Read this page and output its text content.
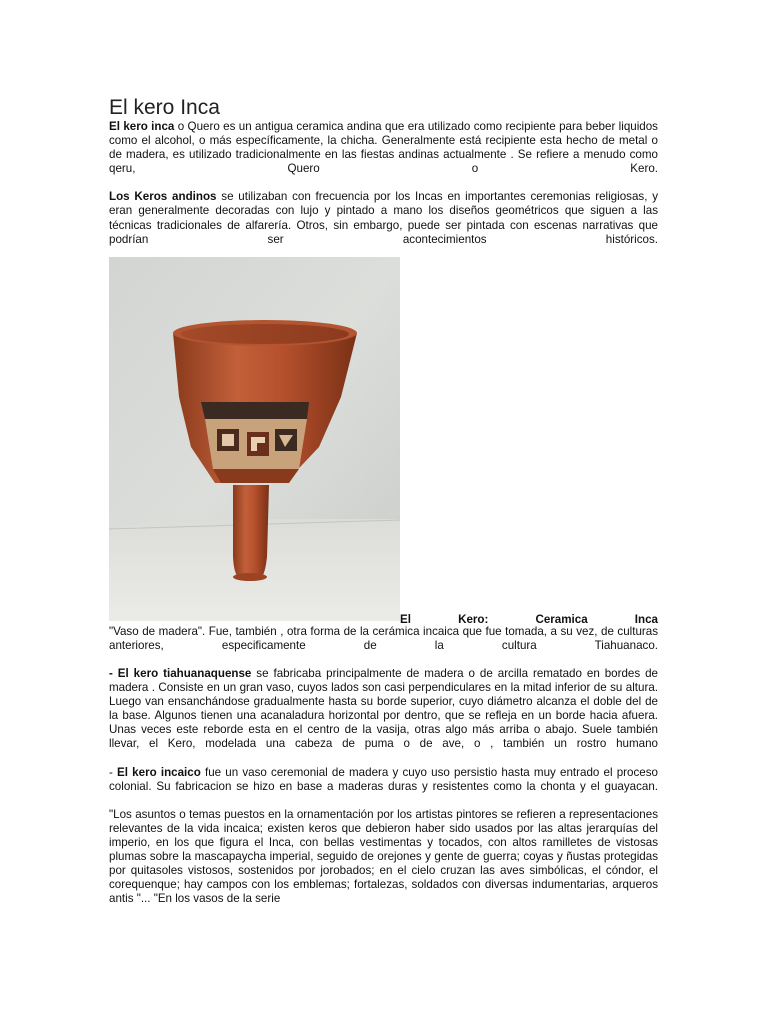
El kero Inca

El kero inca o Quero es un antigua ceramica andina que era utilizado como recipiente para beber liquidos como el alcohol, o más específicamente, la chicha. Generalmente está recipiente esta hecho de metal o de madera, es utilizado tradicionalmente en las fiestas andinas actualmente . Se refiere a menudo como qeru, Quero o Kero.

Los Keros andinos se utilizaban con frecuencia por los Incas en importantes ceremonias religiosas, y eran generalmente decoradas con lujo y pintado a mano los diseños geométricos que siguen a las técnicas tradicionales de alfarería. Otros, sin embargo, puede ser pintada con escenas narrativas que podrían ser acontecimientos históricos.

El	Kero:	Ceramica	Inca

"Vaso de madera". Fue, también , otra forma de la cerámica incaica que fue tomada, a su vez, de culturas anteriores, especificamente de la cultura Tiahuanaco.

- El kero tiahuanaquense se fabricaba principalmente de madera o de arcilla rematado en bordes de madera . Consiste en un gran vaso, cuyos lados son casi perpendiculares en la mitad inferior de su altura. Luego van ensanchándose gradualmente hasta su borde superior, cuyo diámetro alcanza el doble del de la base. Algunos tienen una acanaladura horizontal por dentro, que se refleja en un borde hacia afuera. Unas veces este reborde esta en el centro de la vasija, otras algo más arriba o abajo. Suele también llevar, el Kero, modelada una cabeza de puma o de ave, o , también un rostro humano

- El kero incaico fue un vaso ceremonial de madera y cuyo uso persistio hasta muy entrado el proceso colonial. Su fabricacion se hizo en base a maderas duras y resistentes como la chonta y el guayacan.

"Los asuntos o temas puestos en la ornamentación por los artistas pintores se refieren a representaciones relevantes de la vida incaica; existen keros que debieron haber sido usados por las altas jerarquías del imperio, en los que figura el Inca, con bellas vestimentas y tocados, con altos ramilletes de vistosas plumas sobre la mascapaycha imperial, seguido de orejones y gente de guerra; coyas y ñustas protegidas por quitasoles vistosos, sostenidos por jorobados; en el cielo cruzan las aves simbólicas, el cóndor, el corequenque; hay campos con los emblemas; fortalezas, soldados con diversas indumentarias, arqueros antis "... "En los vasos de la serie
